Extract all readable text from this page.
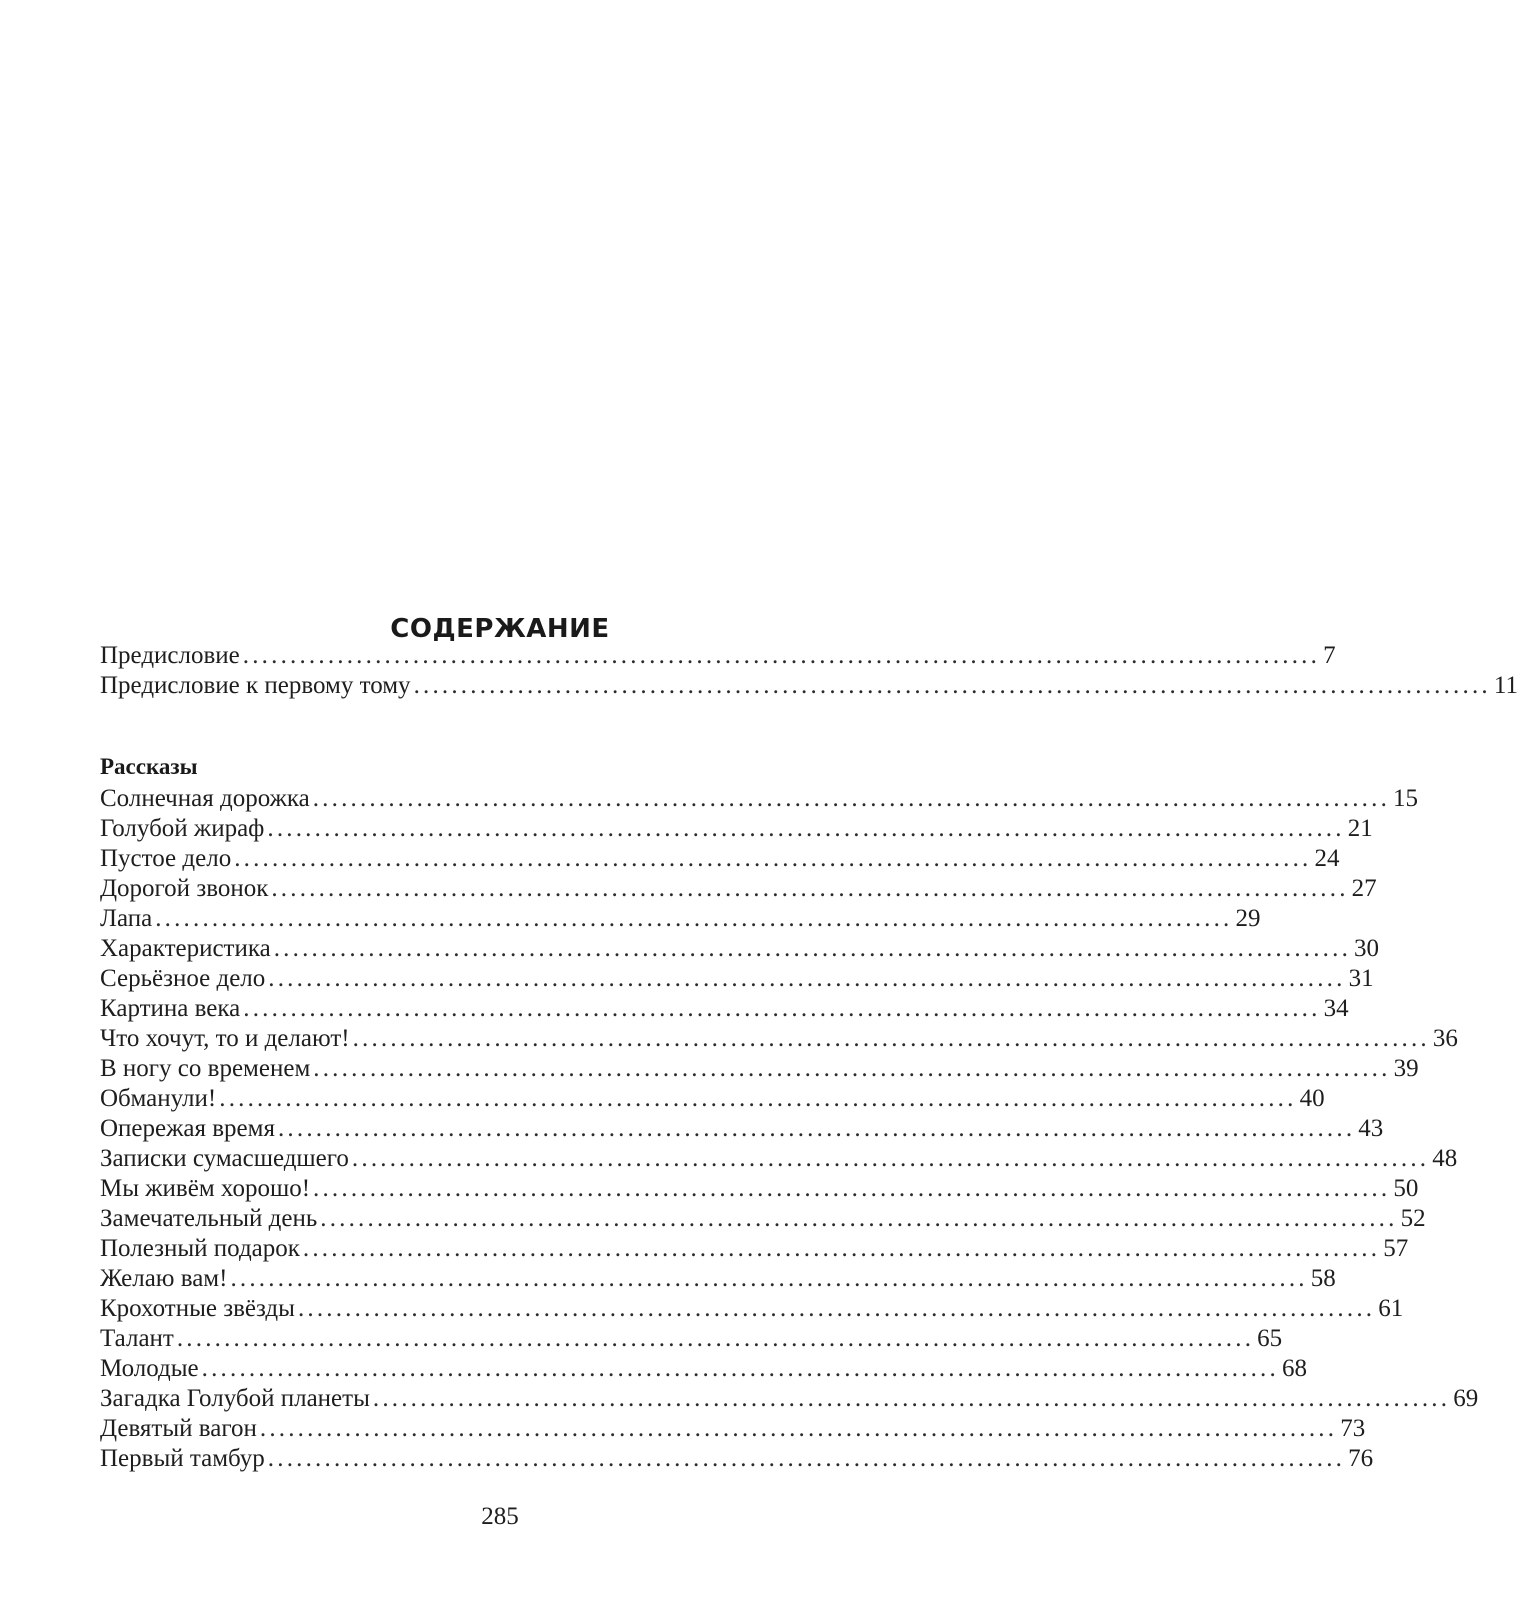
СОДЕРЖАНИЕ
Предисловие .................................................................................................................. 7
Предисловие к первому тому .................................................................................................................. 11
Солнечная дорожка .................................................................................................................. 15
Голубой жираф .................................................................................................................. 21
Пустое дело .................................................................................................................. 24
Дорогой звонок .................................................................................................................. 27
Лапа .................................................................................................................. 29
Характеристика .................................................................................................................. 30
Серьёзное дело .................................................................................................................. 31
Картина века .................................................................................................................. 34
Что хочут, то и делают! .................................................................................................................. 36
В ногу со временем .................................................................................................................. 39
Обманули! .................................................................................................................. 40
Опережая время .................................................................................................................. 43
Записки сумасшедшего .................................................................................................................. 48
Мы живём хорошо! .................................................................................................................. 50
Замечательный день .................................................................................................................. 52
Полезный подарок .................................................................................................................. 57
Желаю вам! .................................................................................................................. 58
Крохотные звёзды .................................................................................................................. 61
Талант .................................................................................................................. 65
Молодые .................................................................................................................. 68
Загадка Голубой планеты .................................................................................................................. 69
Девятый вагон .................................................................................................................. 73
Первый тамбур .................................................................................................................. 76
Рассказы
285
